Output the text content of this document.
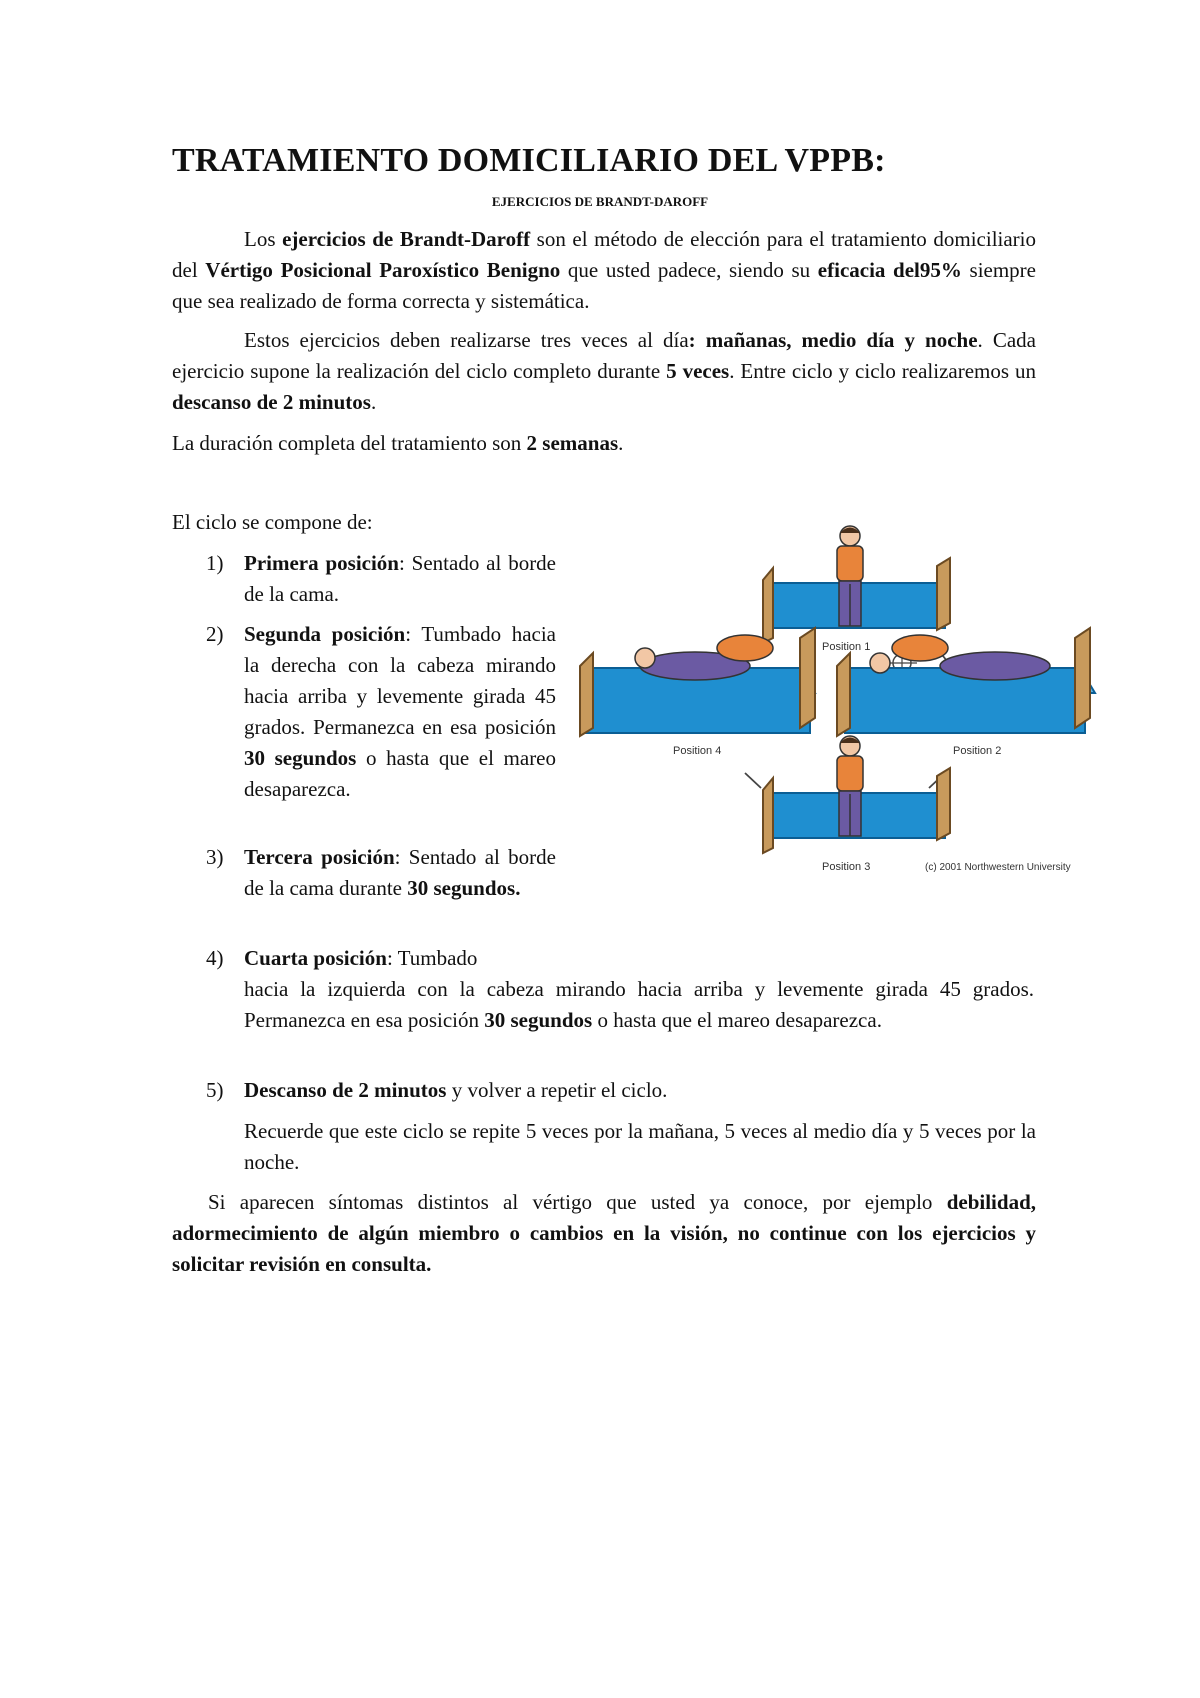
TRATAMIENTO DOMICILIARIO DEL VPPB:

EJERCICIOS DE BRANDT-DAROFF

Los ejercicios de Brandt-Daroff son el método de elección para el tratamiento domiciliario del Vértigo Posicional Paroxístico Benigno que usted padece, siendo su eficacia del95% siempre que sea realizado de forma correcta y sistemática.

Estos ejercicios deben realizarse tres veces al día: mañanas, medio día y noche. Cada ejercicio supone la realización del ciclo completo durante 5 veces. Entre ciclo y ciclo realizaremos un descanso de 2 minutos.

La duración completa del tratamiento son 2 semanas.

El ciclo se compone de:

1) Primera posición: Sentado al borde de la cama.
2) Segunda posición: Tumbado hacia la derecha con la cabeza mirando hacia arriba y levemente girada 45 grados. Permanezca en esa posición 30 segundos o hasta que el mareo desaparezca.
3) Tercera posición: Sentado al borde de la cama durante 30 segundos.
4) Cuarta posición: Tumbado
hacia la izquierda con la cabeza mirando hacia arriba y levemente girada 45 grados. Permanezca en esa posición 30 segundos o hasta que el mareo desaparezca.
5) Descanso de 2 minutos y volver a repetir el ciclo.

Recuerde que este ciclo se repite 5 veces por la mañana, 5 veces al medio día y 5 veces por la noche.

Si aparecen síntomas distintos al vértigo que usted ya conoce, por ejemplo debilidad, adormecimiento de algún miembro o cambios en la visión, no continue con los ejercicios y solicitar revisión en consulta.

Position 1
Position 4	Position 2
Position 3	(c) 2001 Northwestern University
